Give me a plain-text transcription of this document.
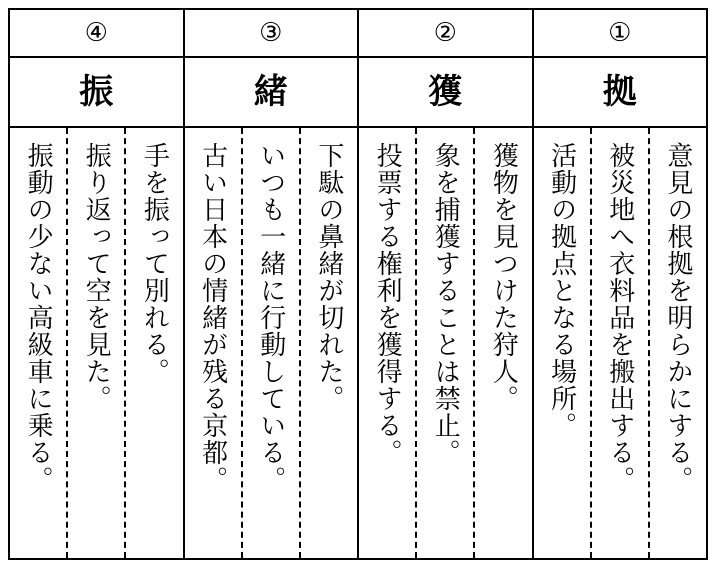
④
振
手を振って別れる。
振り返って空を見た。
振動の少ない高級車に乗る。
③
緒
下駄の鼻緒が切れた。
いつも一緒に行動している。
古い日本の情緒が残る京都。
②
獲
獲物を見つけた狩人。
象を捕獲することは禁止。
投票する権利を獲得する。
①
拠
意見の根拠を明らかにする。
被災地へ衣料品を搬出する。
活動の拠点となる場所。
